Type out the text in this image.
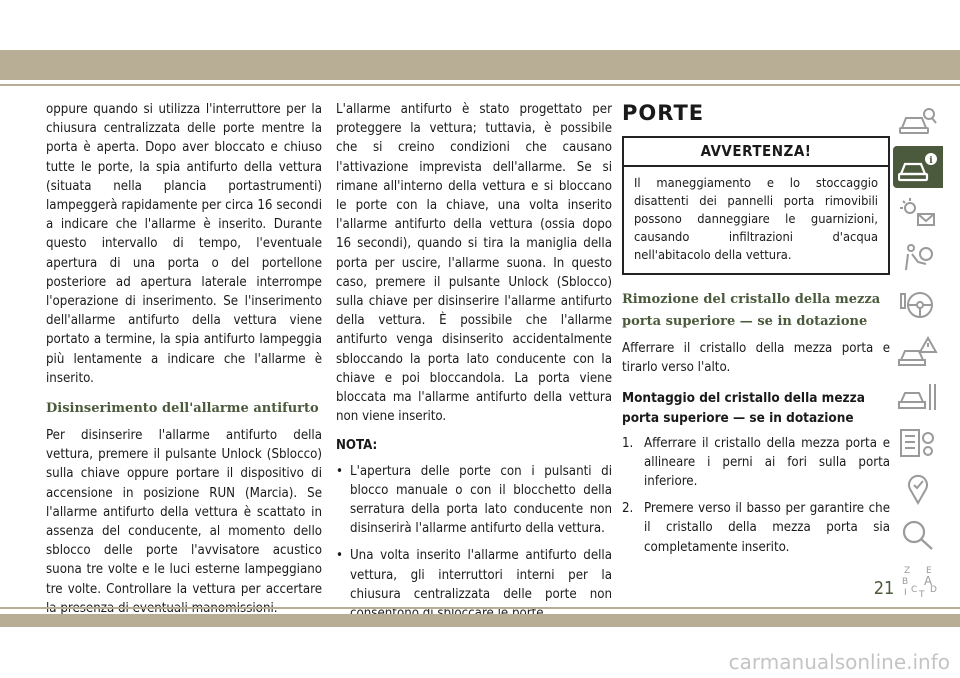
oppure quando si utilizza l'interruttore per la chiusura centralizzata delle porte mentre la porta è aperta. Dopo aver bloccato e chiuso tutte le porte, la spia antifurto della vettura (situata nella plancia portastrumenti) lampeggerà rapidamente per circa 16 secondi a indicare che l'allarme è inserito. Durante questo intervallo di tempo, l'eventuale apertura di una porta o del portellone posteriore ad apertura laterale interrompe l'operazione di inserimento. Se l'inserimento dell'allarme antifurto della vettura viene portato a termine, la spia antifurto lampeggia più lentamente a indicare che l'allarme è inserito.

Disinserimento dell'allarme antifurto

Per disinserire l'allarme antifurto della vettura, premere il pulsante Unlock (Sblocco) sulla chiave oppure portare il dispositivo di accensione in posizione RUN (Marcia). Se l'allarme antifurto della vettura è scattato in assenza del conducente, al momento dello sblocco delle porte l'avvisatore acustico suona tre volte e le luci esterne lampeggiano tre volte. Controllare la vettura per accertare

L'allarme antifurto è stato progettato per proteggere la vettura; tuttavia, è possibile che si creino condizioni che causano l'attivazione imprevista dell'allarme. Se si rimane all'interno della vettura e si bloccano le porte con la chiave, una volta inserito l'allarme antifurto della vettura (ossia dopo 16 secondi), quando si tira la maniglia della porta per uscire, l'allarme suona. In questo caso, premere il pulsante Unlock (Sblocco) sulla chiave per disinserire l'allarme antifurto della vettura. È possibile che l'allarme antifurto venga disinserito accidentalmente sbloccando la porta lato conducente con la chiave e poi bloccandola. La porta viene bloccata ma l'allarme antifurto della vettura non viene inserito.

NOTA:
• L'apertura delle porte con i pulsanti di blocco manuale o con il blocchetto della serratura della porta lato conducente non disinserirà l'allarme antifurto della vettura.
• Una volta inserito l'allarme antifurto della vettura, gli interruttori interni per la chiusura centralizzata delle porte non
PORTE
AVVERTENZA!
Il maneggiamento e lo stoccaggio disattenti dei pannelli porta rimovibili possono danneggiare le guarnizioni, causando infiltrazioni d'acqua nell'abitacolo della vettura.
Rimozione del cristallo della mezza porta superiore — se in dotazione

Afferrare il cristallo della mezza porta e tirarlo verso l'alto.

Montaggio del cristallo della mezza porta superiore — se in dotazione
1. Afferrare il cristallo della mezza porta e allineare i perni ai fori sulla porta inferiore.
2. Premere verso il basso per garantire che il cristallo della mezza porta sia completamente inserito.
i
Z E
B A
C D
I T
21
carmanualsonline.info
